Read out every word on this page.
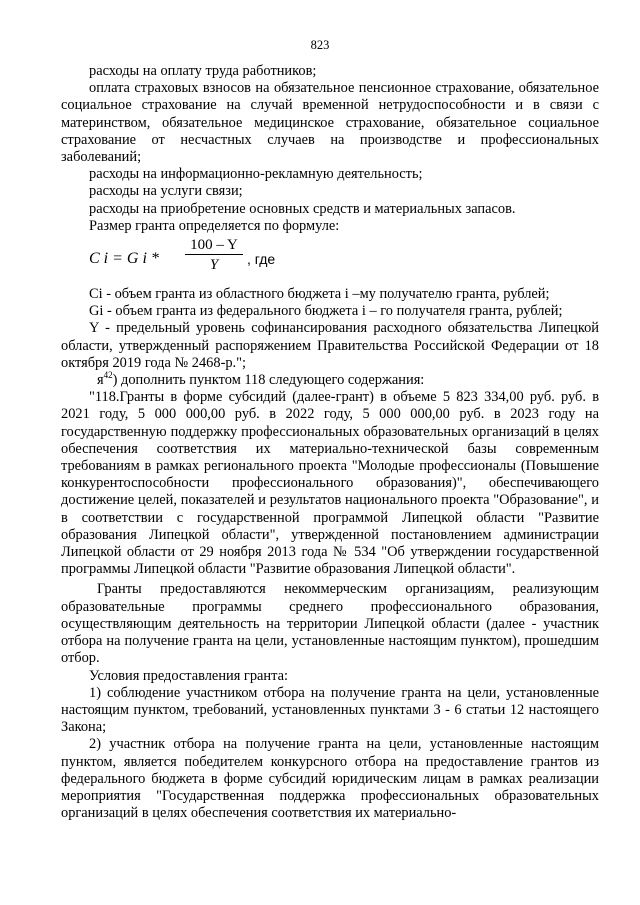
823

расходы на оплату труда работников;

оплата страховых взносов на обязательное пенсионное страхование, обязательное социальное страхование на случай временной нетрудоспособности и в связи с материнством, обязательное медицинское страхование, обязательное социальное страхование от несчастных случаев на производстве и профессиональных заболеваний;

расходы на информационно-рекламную деятельность;

расходы на услуги связи;

расходы на приобретение основных средств и материальных запасов.

Размер гранта определяется по формуле:

C i = G i * $\frac{100 - Y}{Y}$ , где

Ci - объем гранта из областного бюджета i –му получателю гранта, рублей;

Gi - объем гранта из федерального бюджета i – го получателя гранта, рублей;

Y - предельный уровень софинансирования расходного обязательства Липецкой области, утвержденный распоряжением Правительства Российской Федерации от 18 октября 2019 года № 2468-р.";

$я^{42}$) дополнить пунктом 118 следующего содержания:

"118.Гранты в форме субсидий (далее-грант) в объеме 5 823 334,00 руб. руб. в 2021 году, 5 000 000,00 руб. в 2022 году, 5 000 000,00 руб. в 2023 году на государственную поддержку профессиональных образовательных организаций в целях обеспечения соответствия их материально-технической базы современным требованиям в рамках регионального проекта "Молодые профессионалы (Повышение конкурентоспособности профессионального образования)", обеспечивающего достижение целей, показателей и результатов национального проекта "Образование", и в соответствии с государственной программой Липецкой области "Развитие образования Липецкой области", утвержденной постановлением администрации Липецкой области от 29 ноября 2013 года № 534 "Об утверждении государственной программы Липецкой области "Развитие образования Липецкой области".

Гранты предоставляются некоммерческим организациям, реализующим образовательные программы среднего профессионального образования, осуществляющим деятельность на территории Липецкой области (далее - участник отбора на получение гранта на цели, установленные настоящим пунктом), прошедшим отбор.

Условия предоставления гранта:

1) соблюдение участником отбора на получение гранта на цели, установленные настоящим пунктом, требований, установленных пунктами 3 - 6 статьи 12 настоящего Закона;

2) участник отбора на получение гранта на цели, установленные настоящим пунктом, является победителем конкурсного отбора на предоставление грантов из федерального бюджета в форме субсидий юридическим лицам в рамках реализации мероприятия "Государственная поддержка профессиональных образовательных организаций в целях обеспечения соответствия их материально-
